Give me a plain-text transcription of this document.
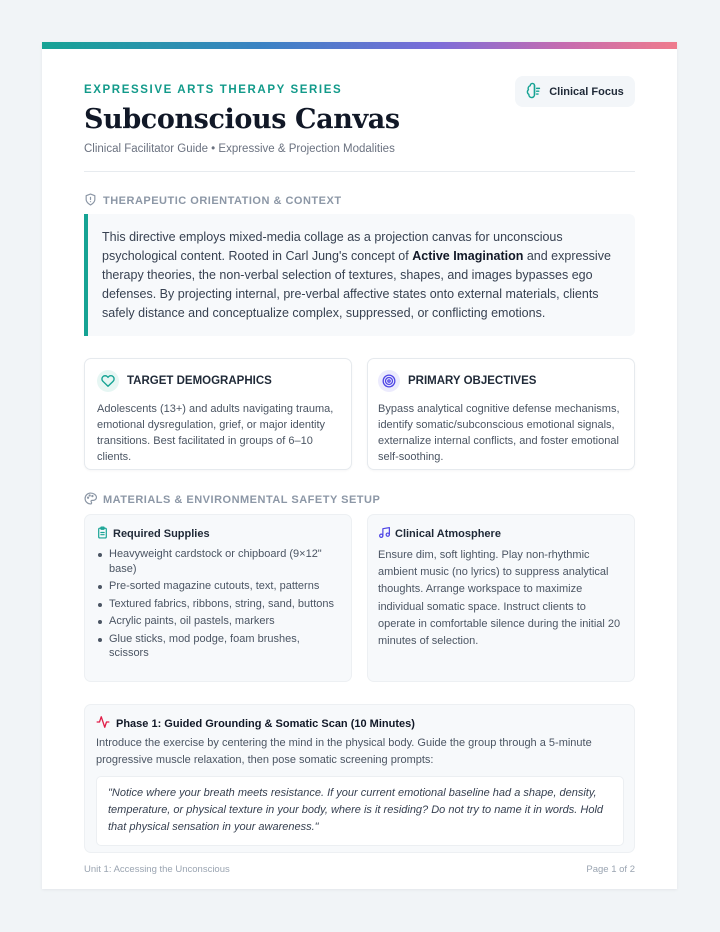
EXPRESSIVE ARTS THERAPY SERIES
Subconscious Canvas
Clinical Facilitator Guide • Expressive & Projection Modalities
Clinical Focus
THERAPEUTIC ORIENTATION & CONTEXT
This directive employs mixed-media collage as a projection canvas for unconscious psychological content. Rooted in Carl Jung's concept of Active Imagination and expressive therapy theories, the non-verbal selection of textures, shapes, and images bypasses ego defenses. By projecting internal, pre-verbal affective states onto external materials, clients safely distance and conceptualize complex, suppressed, or conflicting emotions.
TARGET DEMOGRAPHICS
Adolescents (13+) and adults navigating trauma, emotional dysregulation, grief, or major identity transitions. Best facilitated in groups of 6–10 clients.
PRIMARY OBJECTIVES
Bypass analytical cognitive defense mechanisms, identify somatic/subconscious emotional signals, externalize internal conflicts, and foster emotional self-soothing.
MATERIALS & ENVIRONMENTAL SAFETY SETUP
Required Supplies
Heavyweight cardstock or chipboard (9×12" base)
Pre-sorted magazine cutouts, text, patterns
Textured fabrics, ribbons, string, sand, buttons
Acrylic paints, oil pastels, markers
Glue sticks, mod podge, foam brushes, scissors
Clinical Atmosphere
Ensure dim, soft lighting. Play non-rhythmic ambient music (no lyrics) to suppress analytical thoughts. Arrange workspace to maximize individual somatic space. Instruct clients to operate in comfortable silence during the initial 20 minutes of selection.
Phase 1: Guided Grounding & Somatic Scan (10 Minutes)
Introduce the exercise by centering the mind in the physical body. Guide the group through a 5-minute progressive muscle relaxation, then pose somatic screening prompts:
"Notice where your breath meets resistance. If your current emotional baseline had a shape, density, temperature, or physical texture in your body, where is it residing? Do not try to name it in words. Hold that physical sensation in your awareness."
Unit 1: Accessing the Unconscious	Page 1 of 2
